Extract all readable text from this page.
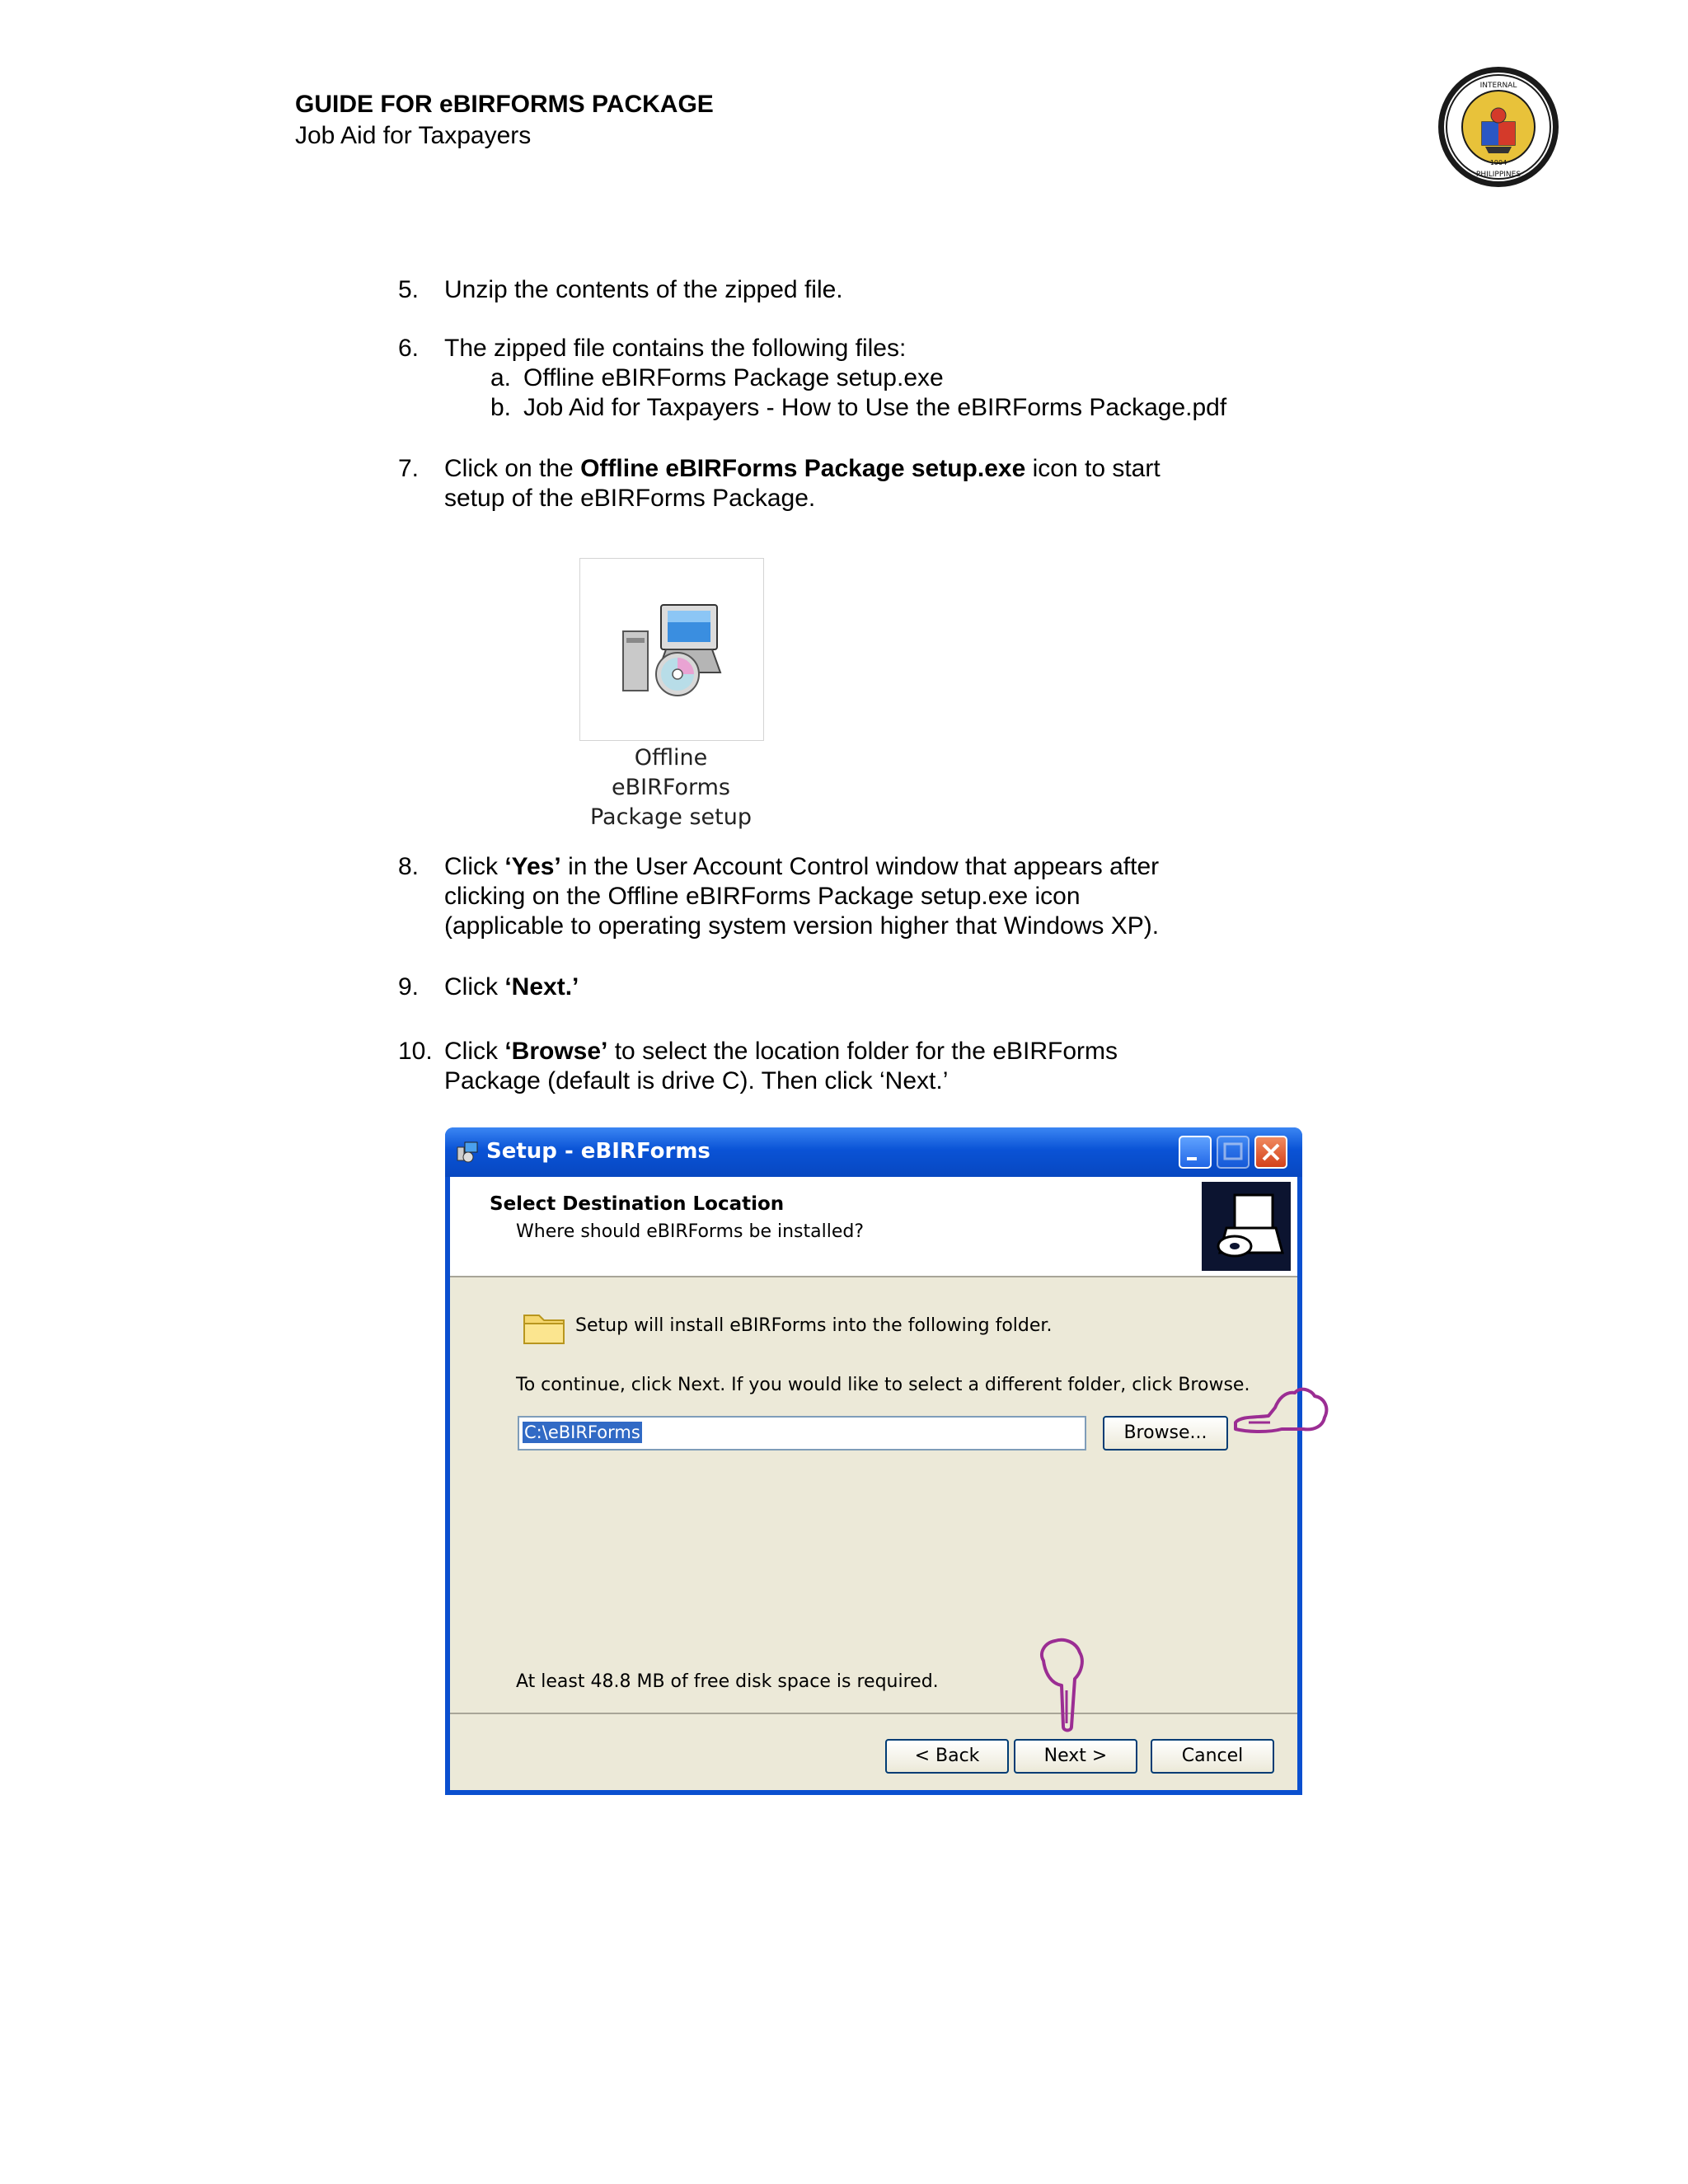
GUIDE FOR eBIRFORMS PACKAGE
Job Aid for Taxpayers
INTERNAL
PHILIPPINES
1904
5. Unzip the contents of the zipped file.
6. The zipped file contains the following files:
a. Offline eBIRForms Package setup.exe
b. Job Aid for Taxpayers - How to Use the eBIRForms Package.pdf
7. Click on the Offline eBIRForms Package setup.exe icon to start
setup of the eBIRForms Package.
Offline
eBIRForms
Package setup
8. Click ‘Yes’ in the User Account Control window that appears after
clicking on the Offline eBIRForms Package setup.exe icon
(applicable to operating system version higher that Windows XP).
9. Click ‘Next.’
10. Click ‘Browse’ to select the location folder for the eBIRForms
Package (default is drive C). Then click ‘Next.’
Setup - eBIRForms
Select Destination Location
Where should eBIRForms be installed?
Setup will install eBIRForms into the following folder.
To continue, click Next. If you would like to select a different folder, click Browse.
C:\eBIRForms	Browse...
At least 48.8 MB of free disk space is required.
< Back	Next >	Cancel
